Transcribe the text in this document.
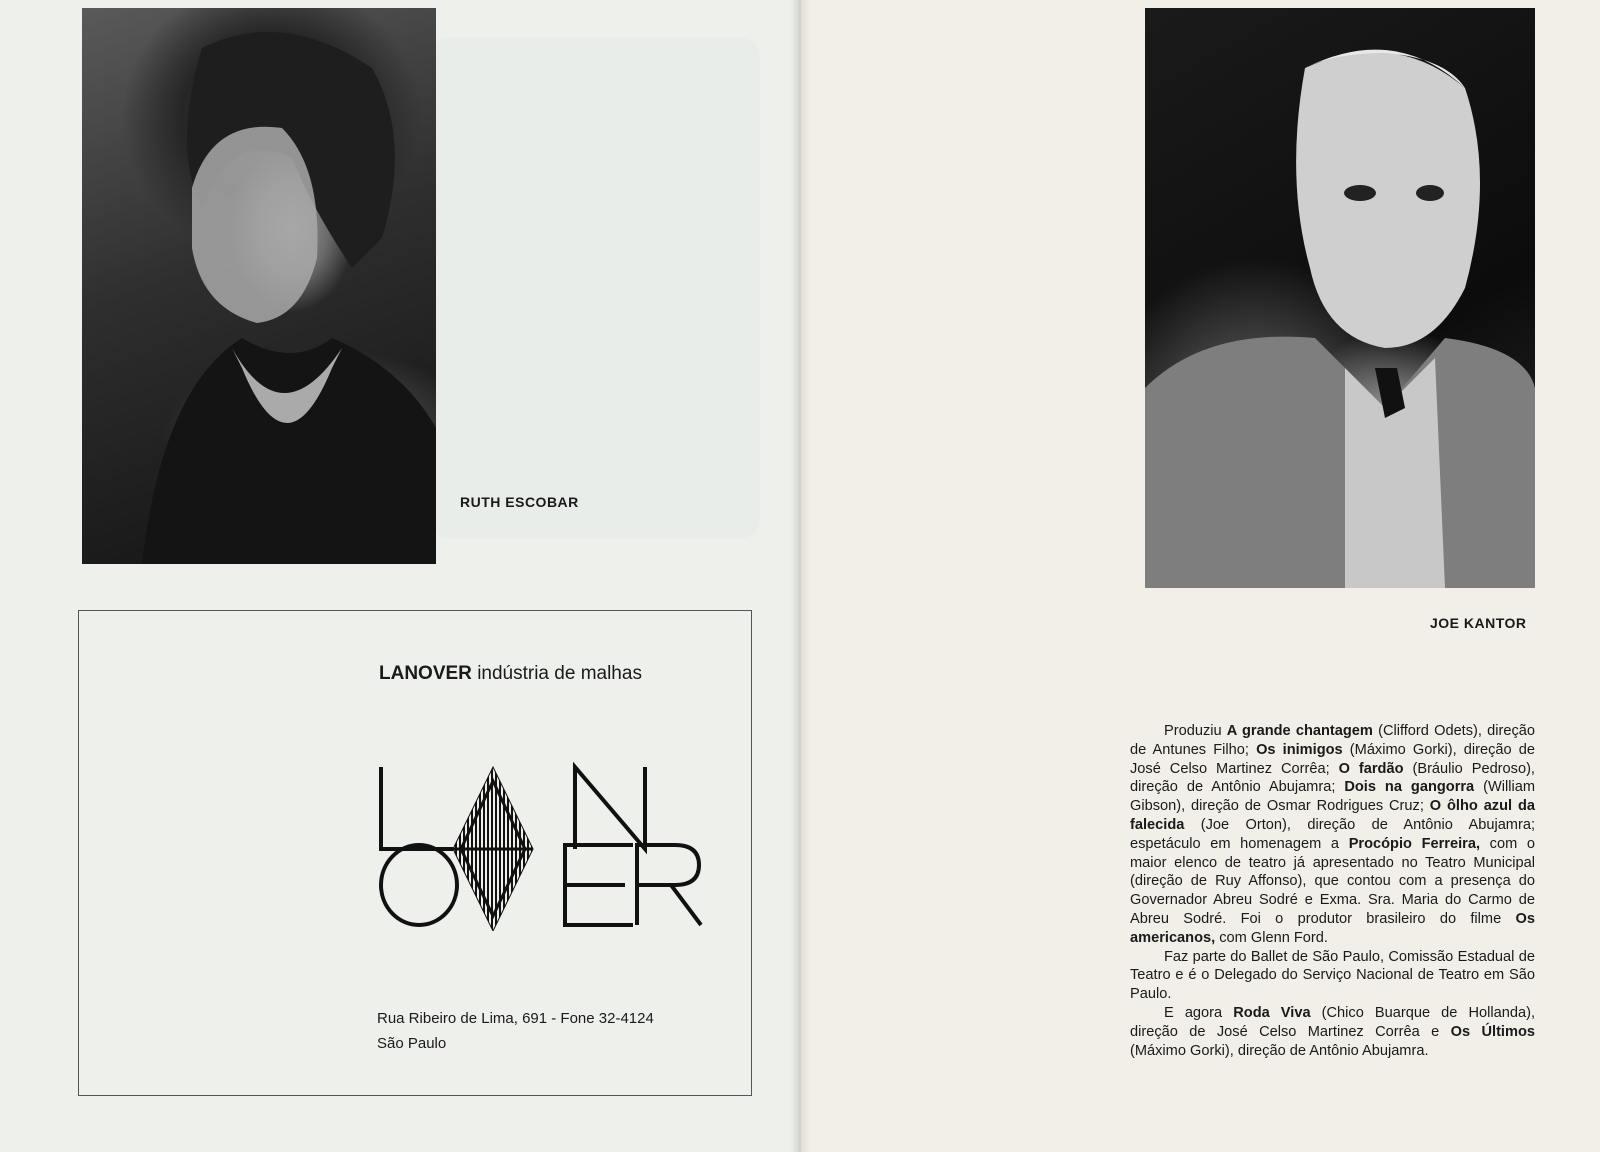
RUTH ESCOBAR
LANOVER indústria de malhas
Rua Ribeiro de Lima, 691 - Fone 32-4124
São Paulo
JOE KANTOR

Produziu A grande chantagem (Clifford Odets), direção de Antunes Filho; Os inimigos (Máximo Gorki), direção de José Celso Martinez Corrêa; O fardão (Bráulio Pedroso), direção de Antônio Abujamra; Dois na gangorra (William Gibson), direção de Osmar Rodrigues Cruz; O ôlho azul da falecida (Joe Orton), direção de Antônio Abujamra; espetáculo em homenagem a Procópio Ferreira, com o maior elenco de teatro já apresentado no Teatro Municipal (direção de Ruy Affonso), que contou com a presença do Governador Abreu Sodré e Exma. Sra. Maria do Carmo de Abreu Sodré. Foi o produtor brasileiro do filme Os americanos, com Glenn Ford.

Faz parte do Ballet de São Paulo, Comissão Estadual de Teatro e é o Delegado do Serviço Nacional de Teatro em São Paulo.

E agora Roda Viva (Chico Buarque de Hollanda), direção de José Celso Martinez Corrêa e Os Últimos (Máximo Gorki), direção de Antônio Abujamra.
